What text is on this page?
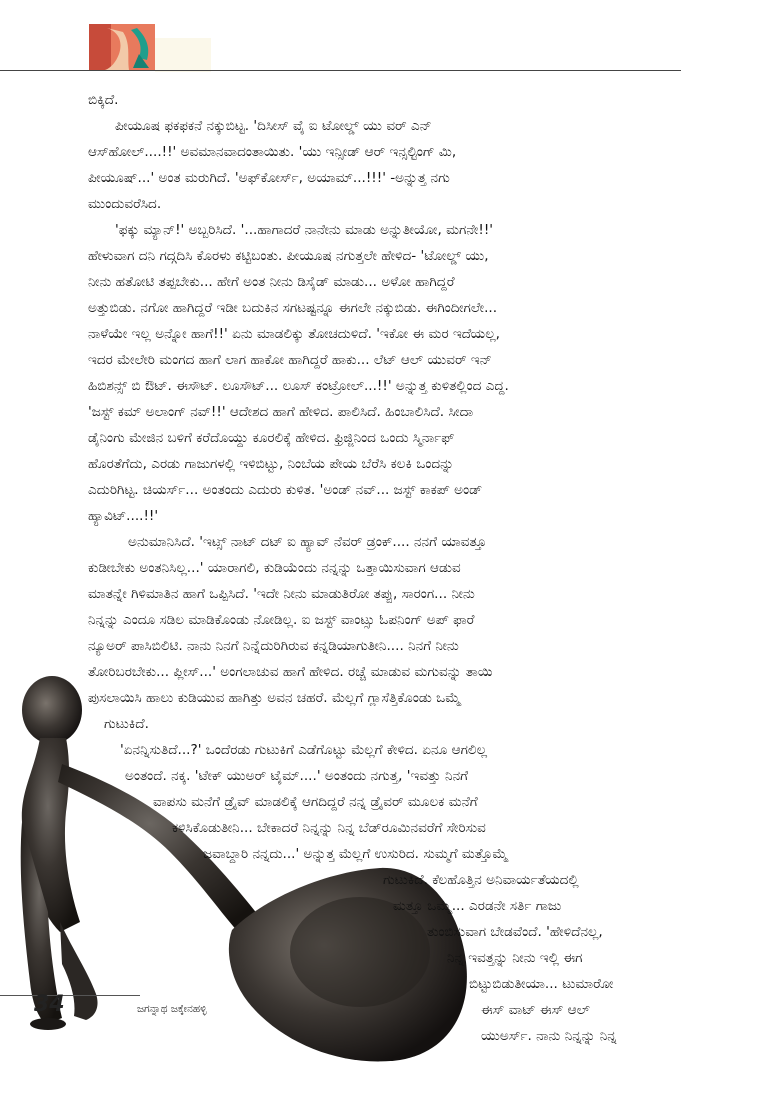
34	ಜಗನ್ನಾಥ ಜಕ್ಕೇನಹಳ್ಳಿ
ಬಿಕ್ಕಿದೆ.
ಪೀಯೂಷ ಫಕಫಕನೆ ನಕ್ಕುಬಿಟ್ಟ. 'ದಿಸೀಸ್ ವೈ ಐ ಟೋಲ್ಡ್ ಯು ವರ್ ಎನ್
ಆಸ್‌ಹೋಲ್....!!' ಅವಮಾನವಾದಂತಾಯಿತು. 'ಯು ಇನ್ಸೀಡ್ ಆರ್ ಇನ್ಸಲ್ಟಿಂಗ್ ಮಿ,
ಪೀಯೂಷ್...' ಅಂತ ಮರುಗಿದೆ. 'ಅಫ್‌ಕೋರ್ಸ್, ಅಯಾಮ್...!!!' -ಅನ್ನುತ್ತ ನಗು
ಮುಂದುವರೆಸಿದ.
'ಫಕ್ಕು ಮ್ಯಾನ್!' ಅಬ್ಬರಿಸಿದೆ. '...ಹಾಗಾದರೆ ನಾನೇನು ಮಾಡು ಅನ್ನುತೀಯೋ, ಮಗನೇ!!'
ಹೇಳುವಾಗ ದನಿ ಗದ್ಗದಿಸಿ ಕೊರಳು ಕಟ್ಟಿಬಂತು. ಪೀಯೂಷ ನಗುತ್ತಲೇ ಹೇಳಿದ- 'ಟೋಲ್ಡ್ ಯು,
ನೀನು ಹತೋಟಿ ತಪ್ಪಬೇಕು... ಹೇಗೆ ಅಂತ ನೀನು ಡಿಸೈಡ್ ಮಾಡು... ಅಳೋ ಹಾಗಿದ್ದರೆ
ಅತ್ತುಬಿಡು. ನಗೋ ಹಾಗಿದ್ದರೆ ಇಡೀ ಬದುಕಿನ ಸಗಟಷ್ಟನ್ನೂ ಈಗಲೇ ನಕ್ಕುಬಿಡು. ಈಗಿಂದೀಗಲೇ...
ನಾಳೆಯೇ ಇಲ್ಲ ಅನ್ನೋ ಹಾಗೆ!!' ಏನು ಮಾಡಲಿಕ್ಕು ತೋಚದುಳಿದೆ. 'ಇಕೋ ಈ ಮರ ಇದೆಯಲ್ಲ,
ಇದರ ಮೇಲೇರಿ ಮಂಗದ ಹಾಗೆ ಲಾಗ ಹಾಕೋ ಹಾಗಿದ್ದರೆ ಹಾಕು... ಲೆಟ್ ಆಲ್ ಯುವರ್ ಇನ್
ಹಿಬಿಶನ್ಸ್ ಬಿ ಔಟ್. ಈಸೌಟ್. ಲೂಸೌಟ್... ಲೂಸ್ ಕಂಟ್ರೋಲ್...!!' ಅನ್ನುತ್ತ ಕುಳಿತಲ್ಲಿಂದ ಎದ್ದ.
'ಜಸ್ಟ್ ಕಮ್ ಅಲಾಂಗ್ ನವ್!!' ಆದೇಶದ ಹಾಗೆ ಹೇಳಿದ. ಪಾಲಿಸಿದೆ. ಹಿಂಬಾಲಿಸಿದೆ. ಸೀದಾ
ಡೈನಿಂಗು ಮೇಜಿನ ಬಳಿಗೆ ಕರೆದೊಯ್ದು ಕೂರಲಿಕ್ಕೆ ಹೇಳಿದ. ಫ್ರಿಜ್ಜಿನಿಂದ ಒಂದು ಸ್ಮಿರ್ನಾಫ್
ಹೊರತೆಗೆದು, ಎರಡು ಗಾಜುಗಳಲ್ಲಿ ಇಳಿಬಿಟ್ಟು, ನಿಂಬೆಯ ಪೇಯ ಬೆರೆಸಿ ಕಲಕಿ ಒಂದನ್ನು
ಎದುರಿಗಿಟ್ಟ. ಚಿಯರ್ಸ್... ಅಂತಂದು ಎದುರು ಕುಳಿತ. 'ಅಂಡ್ ನವ್... ಜಸ್ಟ್ ಕಾಕಪ್ ಅಂಡ್
ಹ್ಯಾವಿಟ್....!!'
ಅನುಮಾನಿಸಿದೆ. 'ಇಟ್ಸ್ ನಾಟ್ ದಟ್ ಐ ಹ್ಯಾವ್ ನೆವರ್ ಡ್ರಂಕ್.... ನನಗೆ ಯಾವತ್ತೂ
ಕುಡೀಬೇಕು ಅಂತನಿಸಿಲ್ಲ...' ಯಾರಾಗಲಿ, ಕುಡಿಯೆಂದು ನನ್ನನ್ನು ಒತ್ತಾಯಿಸುವಾಗ ಆಡುವ
ಮಾತನ್ನೇ ಗಿಳಿಮಾತಿನ ಹಾಗೆ ಒಪ್ಪಿಸಿದೆ. 'ಇದೇ ನೀನು ಮಾಡುತಿರೋ ತಪ್ಪು, ಸಾರಂಗ... ನೀನು
ನಿನ್ನನ್ನು ಎಂದೂ ಸಡಿಲ ಮಾಡಿಕೊಂಡು ನೋಡಿಲ್ಲ. ಐ ಜಸ್ಟ್ ವಾಂಟ್ಸು ಓಪನಿಂಗ್ ಅಪ್ ಫಾರೆ
ನ್ಯೂಅರ್ ಪಾಸಿಬಿಲಿಟಿ. ನಾನು ನಿನಗೆ ನಿನ್ನೆದುರಿಗಿರುವ ಕನ್ನಡಿಯಾಗುತೀನಿ.... ನಿನಗೆ ನೀನು
ತೋರಿಬರಬೇಕು... ಪ್ಲೀಸ್...' ಅಂಗಲಾಚುವ ಹಾಗೆ ಹೇಳಿದ. ರಚ್ಚೆ ಮಾಡುವ ಮಗುವನ್ನು ತಾಯಿ
ಪುಸಲಾಯಿಸಿ ಹಾಲು ಕುಡಿಯುವ ಹಾಗಿತ್ತು ಅವನ ಚಹರೆ. ಮೆಲ್ಲಗೆ ಗ್ಲಾಸೆತ್ತಿಕೊಂಡು ಒಮ್ಮೆ
ಗುಟುಕಿದೆ.
'ಏನನ್ನಿಸುತಿದೆ...?' ಒಂದೆರಡು ಗುಟುಕಿಗೆ ಎಡೆಗೊಟ್ಟು ಮೆಲ್ಲಗೆ ಕೇಳಿದ. ಏನೂ ಆಗಲಿಲ್ಲ
ಅಂತಂದೆ. ನಕ್ಕ. 'ಟೇಕ್ ಯುಅರ್ ಟೈಮ್....' ಅಂತಂದು ನಗುತ್ತ, 'ಇವತ್ತು ನಿನಗೆ
ವಾಪಸು ಮನೆಗೆ ಡ್ರೈವ್ ಮಾಡಲಿಕ್ಕೆ ಆಗದಿದ್ದರೆ ನನ್ನ ಡ್ರೈವರ್ ಮೂಲಕ ಮನೆಗೆ
ಕಳಿಸಿಕೊಡುತೀನಿ... ಬೇಕಾದರೆ ನಿನ್ನನ್ನು ನಿನ್ನ ಬೆಡ್‌ರೂಮಿನವರೆಗೆ ಸೇರಿಸುವ
ಜವಾಬ್ದಾರಿ ನನ್ನದು...' ಅನ್ನುತ್ತ ಮೆಲ್ಲಗೆ ಉಸುರಿದ. ಸುಮ್ಮಗೆ ಮತ್ತೊಮ್ಮೆ
ಗುಟುಕಿದೆ. ಕೆಲಹೊತ್ತಿನ ಅನಿವಾರ್ಯತೆಯದಲ್ಲಿ
ಮತ್ತೂ ಒಮ್ಮೆ... ಎರಡನೇ ಸರ್ತಿ ಗಾಜು
ತುಂಬಿಸುವಾಗ ಬೇಡವೆಂದೆ. 'ಹೇಳಿದೆನಲ್ಲ,
ನಿನ್ನ ಇವತ್ತನ್ನು ನೀನು ಇಲ್ಲಿ ಈಗ
ಬಿಟ್ಟುಬಿಡುತೀಯಾ... ಟುಮಾರೋ
ಈಸ್ ವಾಟ್ ಈಸ್ ಆಲ್
ಯುಅರ್ಸ್. ನಾನು ನಿನ್ನನ್ನು ನಿನ್ನ
